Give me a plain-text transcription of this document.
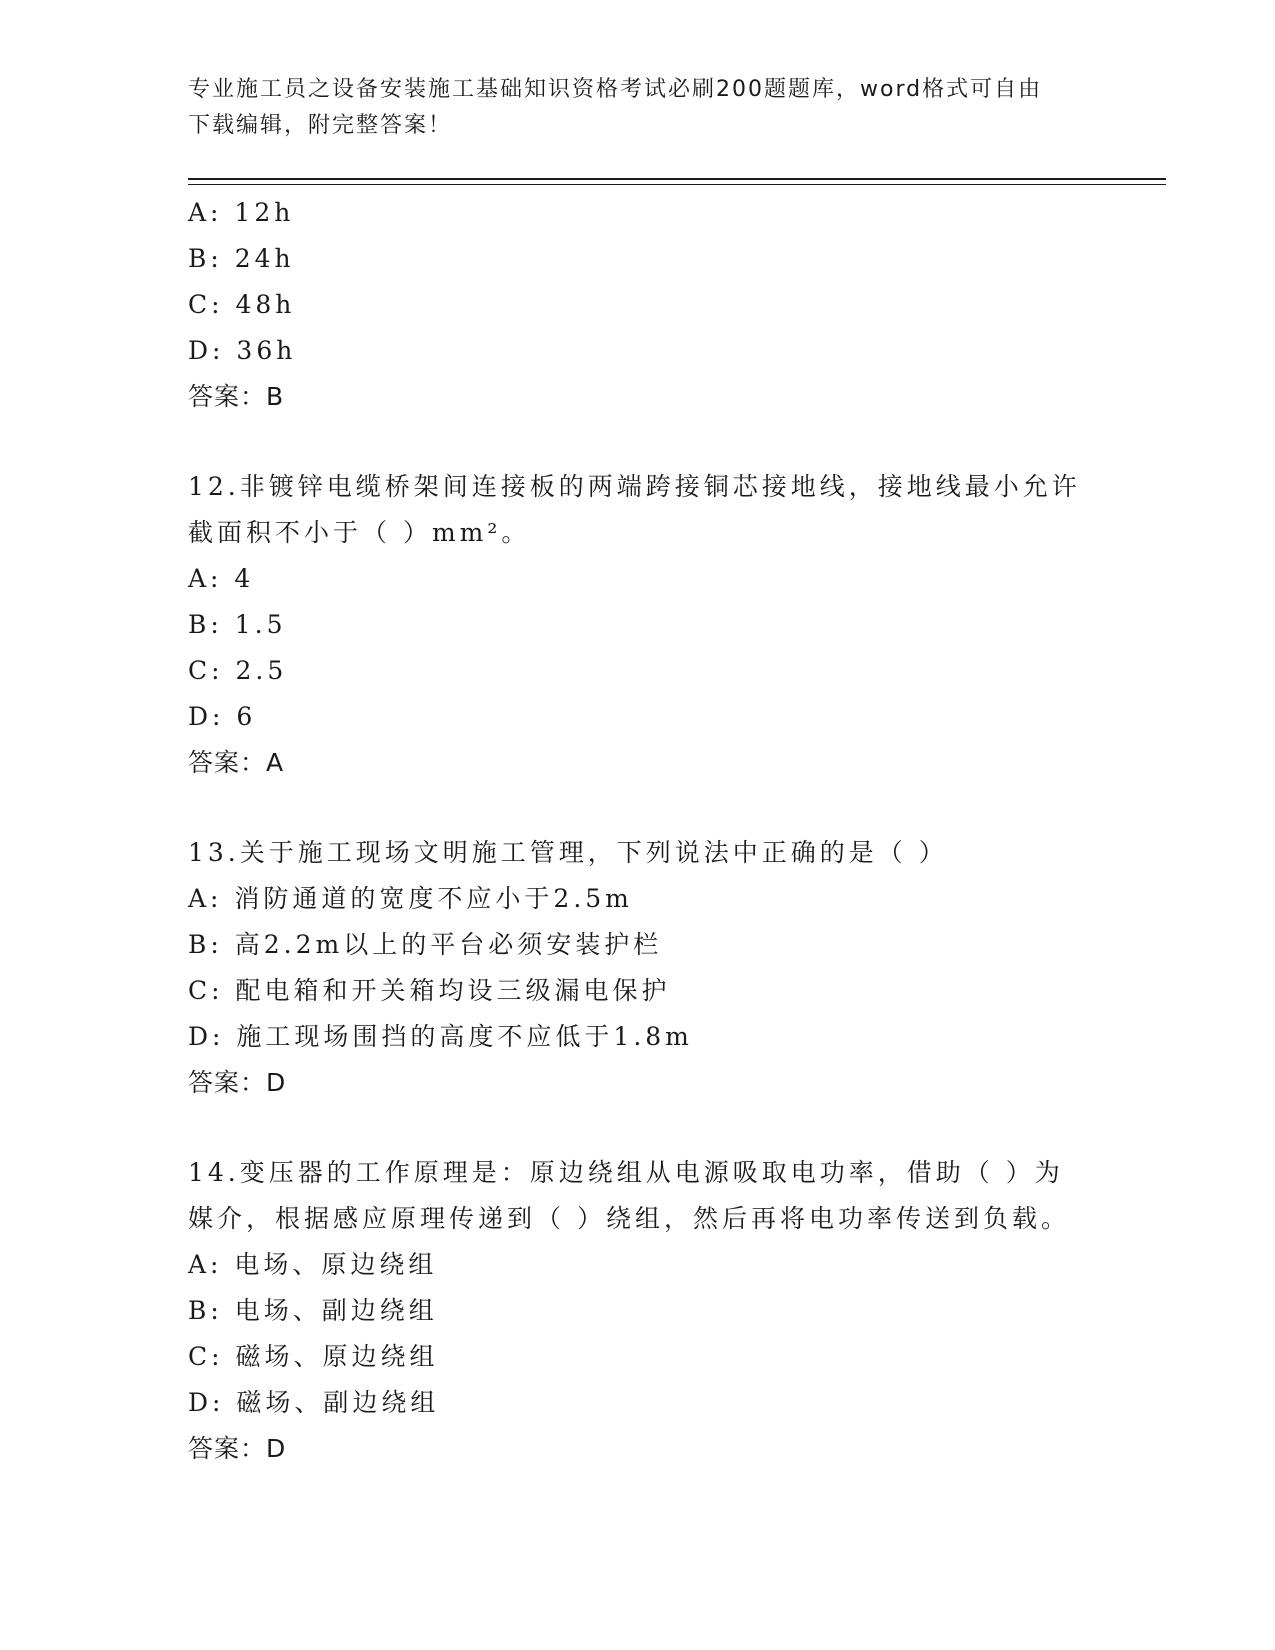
专业施工员之设备安装施工基础知识资格考试必刷200题题库，word格式可自由
下载编辑，附完整答案！
A: 12h
B: 24h
C: 48h
D: 36h
答案：B
12.非镀锌电缆桥架间连接板的两端跨接铜芯接地线，接地线最小允许
截面积不小于（ ）mm²。
A: 4
B: 1.5
C: 2.5
D: 6
答案：A
13.关于施工现场文明施工管理，下列说法中正确的是（ ）
A: 消防通道的宽度不应小于2.5m
B: 高2.2m以上的平台必须安装护栏
C: 配电箱和开关箱均设三级漏电保护
D: 施工现场围挡的高度不应低于1.8m
答案：D
14.变压器的工作原理是：原边绕组从电源吸取电功率，借助（ ）为
媒介，根据感应原理传递到（ ）绕组，然后再将电功率传送到负载。
A: 电场、原边绕组
B: 电场、副边绕组
C: 磁场、原边绕组
D: 磁场、副边绕组
答案：D
